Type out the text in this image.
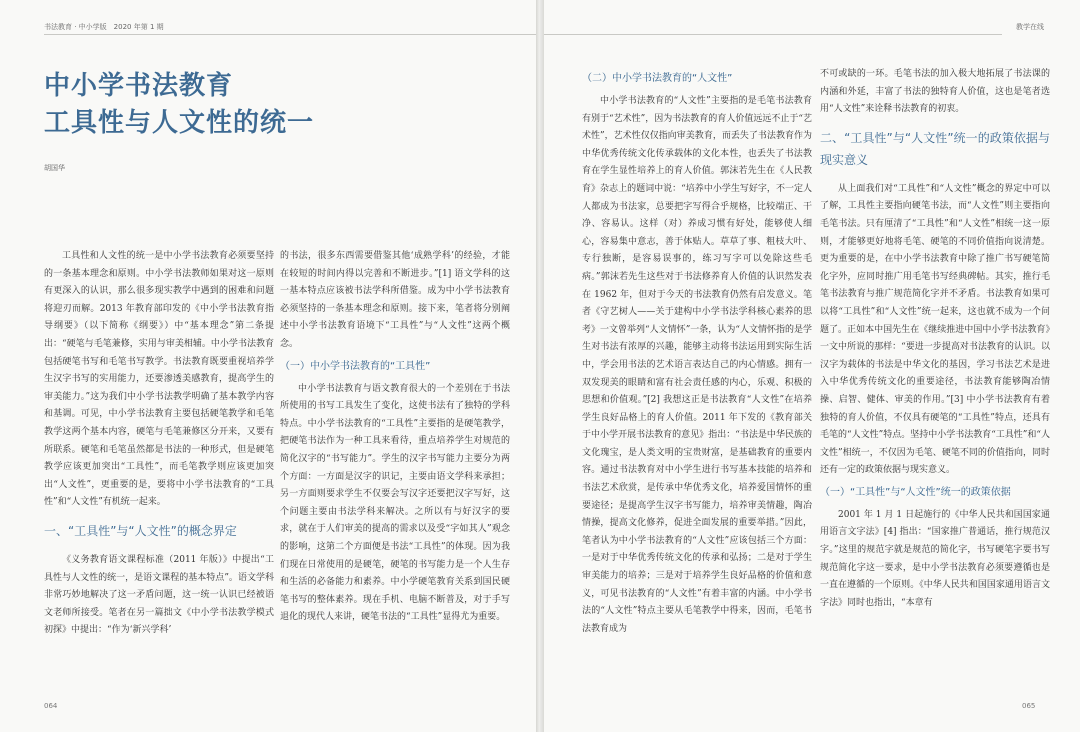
书法教育 · 中小学版　2020 年第 1 期
中小学书法教育
工具性与人文性的统一
胡国华

工具性和人文性的统一是中小学书法教育必须要坚持的一条基本理念和原则。中小学书法教师如果对这一原则有更深入的认识，那么很多现实教学中遇到的困难和问题将迎刃而解。2013 年教育部印发的《中小学书法教育指导纲要》（以下简称《纲要》）中“基本理念”第二条提出：“硬笔与毛笔兼修，实用与审美相辅。中小学书法教育包括硬笔书写和毛笔书写教学。书法教育既要重视培养学生汉字书写的实用能力，还要渗透美感教育，提高学生的审美能力。”这为我们中小学书法教学明确了基本教学内容和基调。可见，中小学书法教育主要包括硬笔教学和毛笔教学这两个基本内容，硬笔与毛笔兼修区分开来，又要有所联系。硬笔和毛笔虽然都是书法的一种形式，但是硬笔教学应该更加突出“工具性”，而毛笔教学则应该更加突出“人文性”，更重要的是，要将中小学书法教育的“工具性”和“人文性”有机统一起来。

一、“工具性”与“人文性”的概念界定

《义务教育语文课程标准（2011 年版）》中提出“工具性与人文性的统一，是语文课程的基本特点”。语文学科非常巧妙地解决了这一矛盾问题，这一统一认识已经被语文老师所接受。笔者在另一篇拙文《中小学书法教学模式初探》中提出：“作为‘新兴学科’

的书法，很多东西需要借鉴其他‘成熟学科’的经验，才能在较短的时间内得以完善和不断进步。”[1] 语文学科的这一基本特点应该被书法学科所借鉴。成为中小学书法教育必须坚持的一条基本理念和原则。接下来，笔者将分别阐述中小学书法教育语境下“工具性”与“人文性”这两个概念。

（一）中小学书法教育的“工具性”

中小学书法教育与语文教育很大的一个差别在于书法所使用的书写工具发生了变化，这使书法有了独特的学科特点。中小学书法教育的“工具性”主要指的是硬笔教学，把硬笔书法作为一种工具来看待，重点培养学生对规范的简化汉字的“书写能力”。学生的汉字书写能力主要分为两个方面：一方面是汉字的识记，主要由语文学科来承担；另一方面则要求学生不仅要会写汉字还要把汉字写好，这个问题主要由书法学科来解决。之所以有与好汉字的要求，就在于人们审美的提高的需求以及受“字如其人”观念的影响，这第二个方面便是书法“工具性”的体现。因为我们现在日常使用的是硬笔，硬笔的书写能力是一个人生存和生活的必备能力和素养。中小学硬笔教育关系到国民硬笔书写的整体素养。现在手机、电脑不断普及，对于手写退化的现代人来讲，硬笔书法的“工具性”显得尤为重要。

064
教学在线
（二）中小学书法教育的“人文性”

中小学书法教育的“人文性”主要指的是毛笔书法教育有别于“艺术性”，因为书法教育的育人价值远远不止于“艺术性”，艺术性仅仅指向审美教育，而丢失了书法教育作为中华优秀传统文化传承载体的文化本性，也丢失了书法教育在学生显性培养上的育人价值。郭沫若先生在《人民教育》杂志上的题词中说：“培养中小学生写好字，不一定人人都成为书法家，总要把字写得合乎规格，比较端正、干净、容易认。这样（对）养成习惯有好处，能够使人细心，容易集中意志，善于体贴人。草草了事、粗枝大叶、专行独断，是容易误事的，练习写字可以免除这些毛病。”郭沫若先生这些对于书法修养育人价值的认识然发表在 1962 年，但对于今天的书法教育仍然有启发意义。笔者《守艺树人——关于建构中小学书法学科核心素养的思考》一文曾举列“人文情怀”一条，认为“人文情怀指的是学生对书法有浓厚的兴趣，能够主动将书法运用到实际生活中，学会用书法的艺术语言表达自己的内心情感。拥有一双发现美的眼睛和富有社会责任感的内心，乐观、积极的思想和价值观。”[2] 我想这正是书法教育“人文性”在培养学生良好品格上的育人价值。2011 年下发的《教育部关于中小学开展书法教育的意见》指出：“书法是中华民族的文化瑰宝，是人类文明的宝贵财富，是基础教育的重要内容。通过书法教育对中小学生进行书写基本技能的培养和书法艺术欣赏，是传承中华优秀文化，培养爱国情怀的重要途径；是提高学生汉字书写能力，培养审美情趣，陶冶情操，提高文化修养，促进全面发展的重要举措。”因此，笔者认为中小学书法教育的“人文性”应该包括三个方面：一是对于中华优秀传统文化的传承和弘扬；二是对于学生审美能力的培养；三是对于培养学生良好品格的价值和意义，可见书法教育的“人文性”有着丰富的内涵。中小学书法的“人文性”特点主要从毛笔教学中得来，因而，毛笔书法教育成为

不可或缺的一环。毛笔书法的加入极大地拓展了书法课的内涵和外延，丰富了书法的独特育人价值，这也是笔者选用“人文性”来诠释书法教育的初衷。

二、“工具性”与“人文性”统一的政策依据与现实意义

从上面我们对“工具性”和“人文性”概念的界定中可以了解，工具性主要指向硬笔书法，而“人文性”则主要指向毛笔书法。只有厘清了“工具性”和“人文性”相统一这一原则，才能够更好地将毛笔、硬笔的不同价值指向说清楚。更为重要的是，在中小学书法教育中除了推广书写硬笔简化字外，应同时推广用毛笔书写经典碑帖。其实，推行毛笔书法教育与推广规范简化字并不矛盾。书法教育如果可以将“工具性”和“人文性”统一起来，这也就不成为一个问题了。正如本中国先生在《继续推进中国中小学书法教育》一文中所说的那样：“要进一步提高对书法教育的认识。以汉字为载体的书法是中华文化的基因，学习书法艺术是进入中华优秀传统文化的重要途径，书法教育能够陶冶情操、启智、健体、审美的作用。”[3] 中小学书法教育有着独特的育人价值，不仅具有硬笔的“工具性”特点，还具有毛笔的“人文性”特点。坚持中小学书法教育“工具性”和“人文性”相统一，不仅因为毛笔、硬笔不同的价值指向，同时还有一定的政策依据与现实意义。

（一）“工具性”与“人文性”统一的政策依据

2001 年 1 月 1 日起施行的《中华人民共和国国家通用语言文字法》[4] 指出：“国家推广普通话，推行规范汉字。”这里的规范字就是规范的简化字，书写硬笔字要书写规范简化字这一要求，是中小学书法教育必须要遵循也是一直在遵循的一个原则。《中华人民共和国国家通用语言文字法》同时也指出，“本章有

065
